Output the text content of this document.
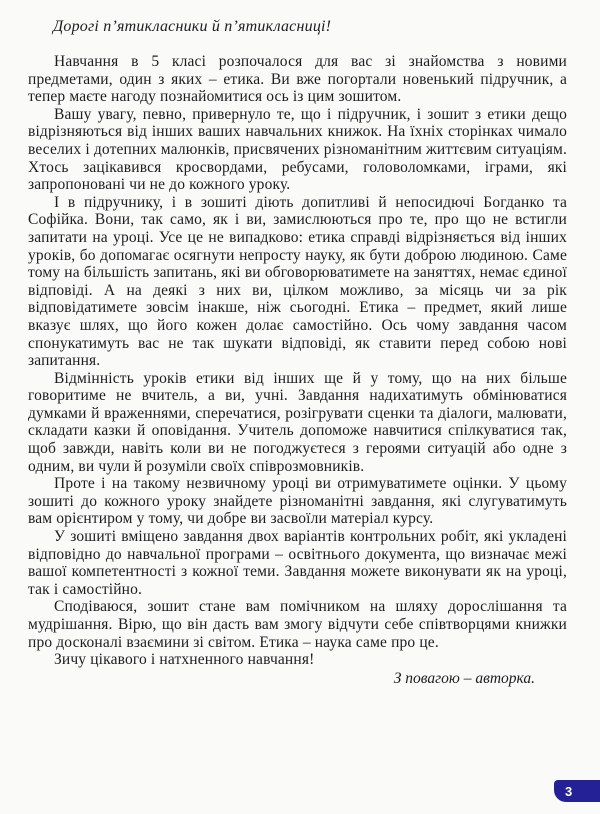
Дорогі п’ятикласники й п’ятикласниці!

Навчання в 5 класі розпочалося для вас зі знайомства з новими предметами, один з яких – етика. Ви вже погортали новенький підручник, а тепер маєте нагоду познайомитися ось із цим зошитом.

Вашу увагу, певно, привернуло те, що і підручник, і зошит з етики дещо відрізняються від інших ваших навчальних книжок. На їхніх сторінках чимало веселих і дотепних малюнків, присвячених різноманітним життєвим ситуаціям. Хтось зацікавився кросвордами, ребусами, головоломками, іграми, які запропоновані чи не до кожного уроку.

І в підручнику, і в зошиті діють допитливі й непосидючі Богданко та Софійка. Вони, так само, як і ви, замислюються про те, про що не встигли запитати на уроці. Усе це не випадково: етика справді відрізняється від інших уроків, бо допомагає осягнути непросту науку, як бути доброю людиною. Саме тому на більшість запитань, які ви обговорюватимете на заняттях, немає єдиної відповіді. А на деякі з них ви, цілком можливо, за місяць чи за рік відповідатимете зовсім інакше, ніж сьогодні. Етика – предмет, який лише вказує шлях, що його кожен долає самостійно. Ось чому завдання часом спонукатимуть вас не так шукати відповіді, як ставити перед собою нові запитання.

Відмінність уроків етики від інших ще й у тому, що на них більше говоритиме не вчитель, а ви, учні. Завдання надихатимуть обмінюватися думками й враженнями, сперечатися, розігрувати сценки та діалоги, малювати, складати казки й оповідання. Учитель допоможе навчитися спілкуватися так, щоб завжди, навіть коли ви не погоджуєтеся з героями ситуацій або одне з одним, ви чули й розуміли своїх співрозмовників.

Проте і на такому незвичному уроці ви отримуватимете оцінки. У цьому зошиті до кожного уроку знайдете різноманітні завдання, які слугуватимуть вам орієнтиром у тому, чи добре ви засвоїли матеріал курсу.

У зошиті вміщено завдання двох варіантів контрольних робіт, які укладені відповідно до навчальної програми – освітнього документа, що визначає межі вашої компетентності з кожної теми. Завдання можете виконувати як на уроці, так і самостійно.

Сподіваюся, зошит стане вам помічником на шляху дорослішання та мудрішання. Вірю, що він дасть вам змогу відчути себе співтворцями книжки про досконалі взаємини зі світом. Етика – наука саме про це.

Зичу цікавого і натхненного навчання!

З повагою – авторка.

3
